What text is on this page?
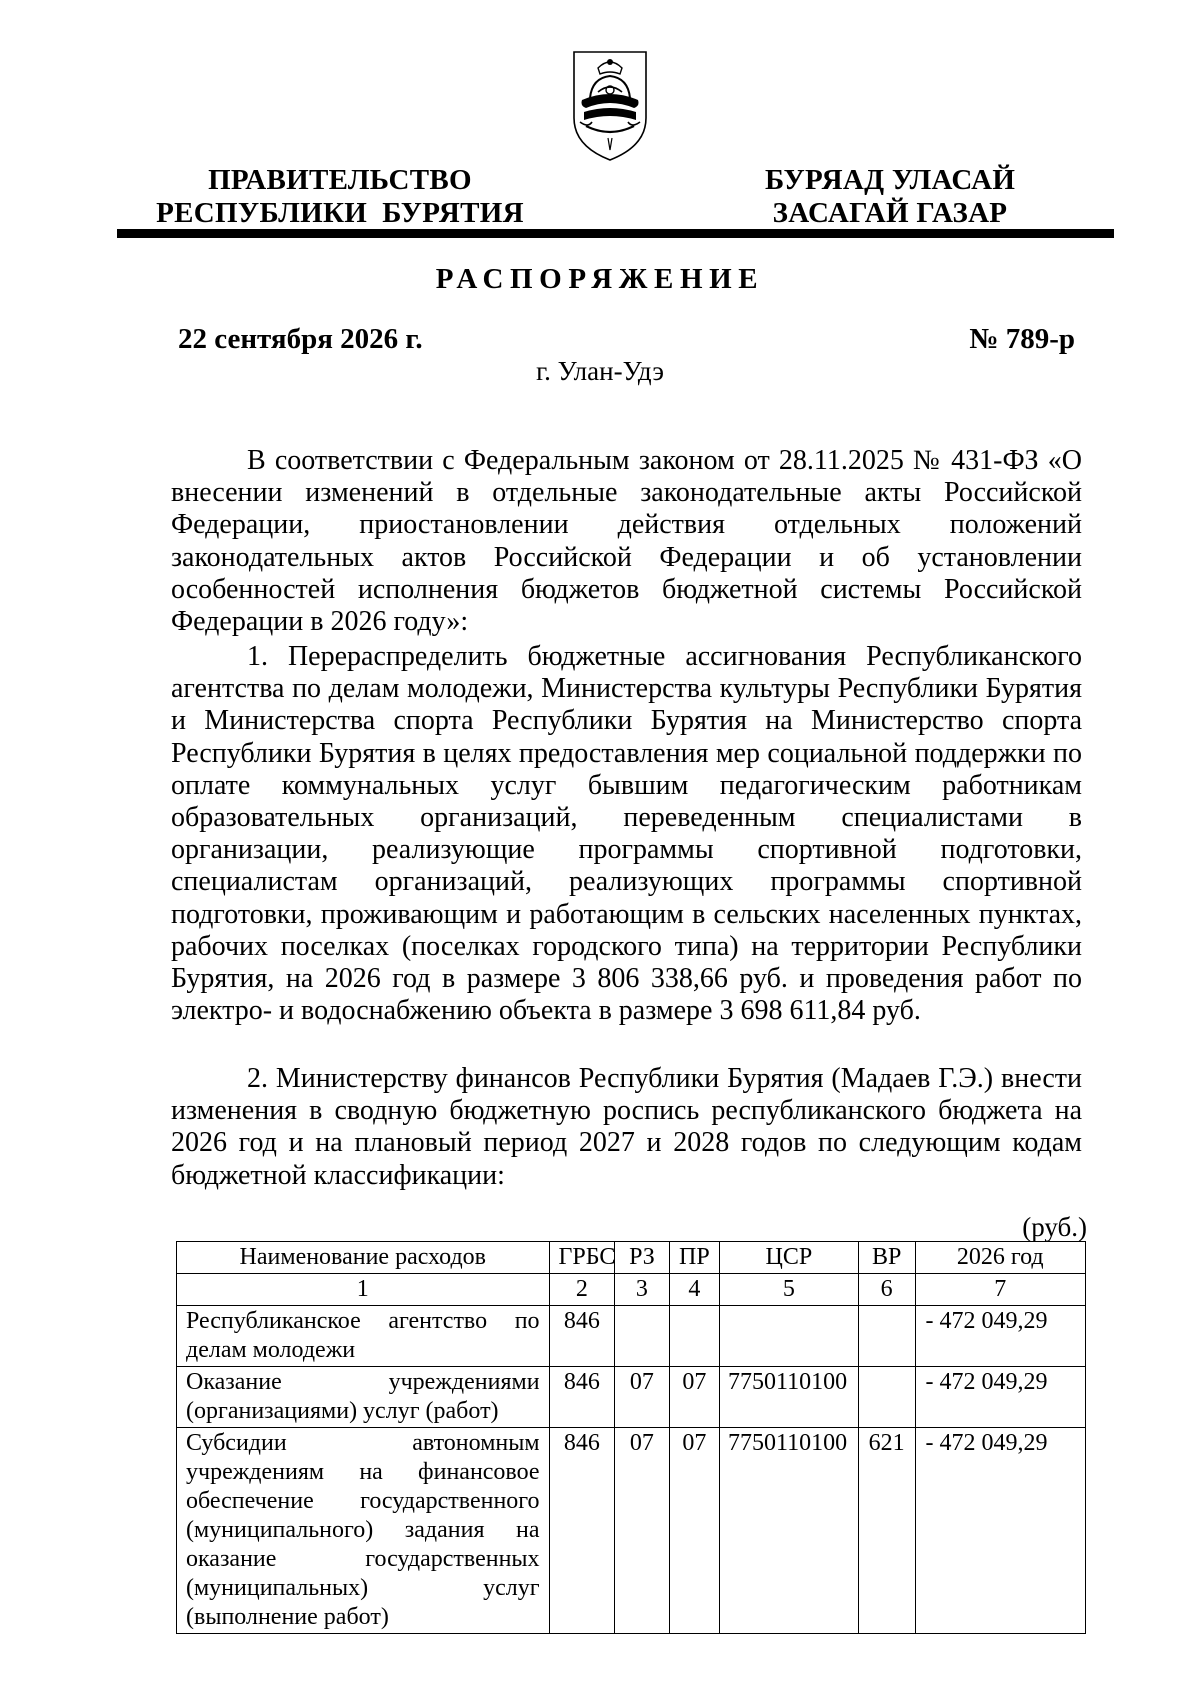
ПРАВИТЕЛЬСТВО
РЕСПУБЛИКИ  БУРЯТИЯ
БУРЯАД УЛАСАЙ
ЗАСАГАЙ ГАЗАР
РАСПОРЯЖЕНИЕ
22 сентября 2026 г.	№ 789-р
г. Улан-Удэ

В соответствии с Федеральным законом от 28.11.2025 № 431-ФЗ «О внесении изменений в отдельные законодательные акты Российской Федерации, приостановлении действия отдельных положений законодательных актов Российской Федерации и об установлении особенностей исполнения бюджетов бюджетной системы Российской Федерации в 2026 году»:

1. Перераспределить бюджетные ассигнования Республиканского агентства по делам молодежи, Министерства культуры Республики Бурятия и Министерства спорта Республики Бурятия на Министерство спорта Республики Бурятия в целях предоставления мер социальной поддержки по оплате коммунальных услуг бывшим педагогическим работникам образовательных организаций, переведенным специалистами в организации, реализующие программы спортивной подготовки, специалистам организаций, реализующих программы спортивной подготовки, проживающим и работающим в сельских населенных пунктах, рабочих поселках (поселках городского типа) на территории Республики Бурятия, на 2026 год в размере 3 806 338,66 руб. и проведения работ по электро- и водоснабжению объекта в размере 3 698 611,84 руб.

2. Министерству финансов Республики Бурятия (Мадаев Г.Э.) внести изменения в сводную бюджетную роспись республиканского бюджета на 2026 год и на плановый период 2027 и 2028 годов по следующим кодам бюджетной классификации:

(руб.)
Наименование расходов	ГРБС	РЗ	ПР	ЦСР	ВР	2026 год
1	2	3	4	5	6	7
Республиканское агентство по делам молодежи	846					- 472 049,29
Оказание учреждениями (организациями) услуг (работ)	846	07	07	7750110100		- 472 049,29
Субсидии автономным учреждениям на финансовое обеспечение государственного (муниципального) задания на оказание государственных (муниципальных) услуг (выполнение работ)	846	07	07	7750110100	621	- 472 049,29
